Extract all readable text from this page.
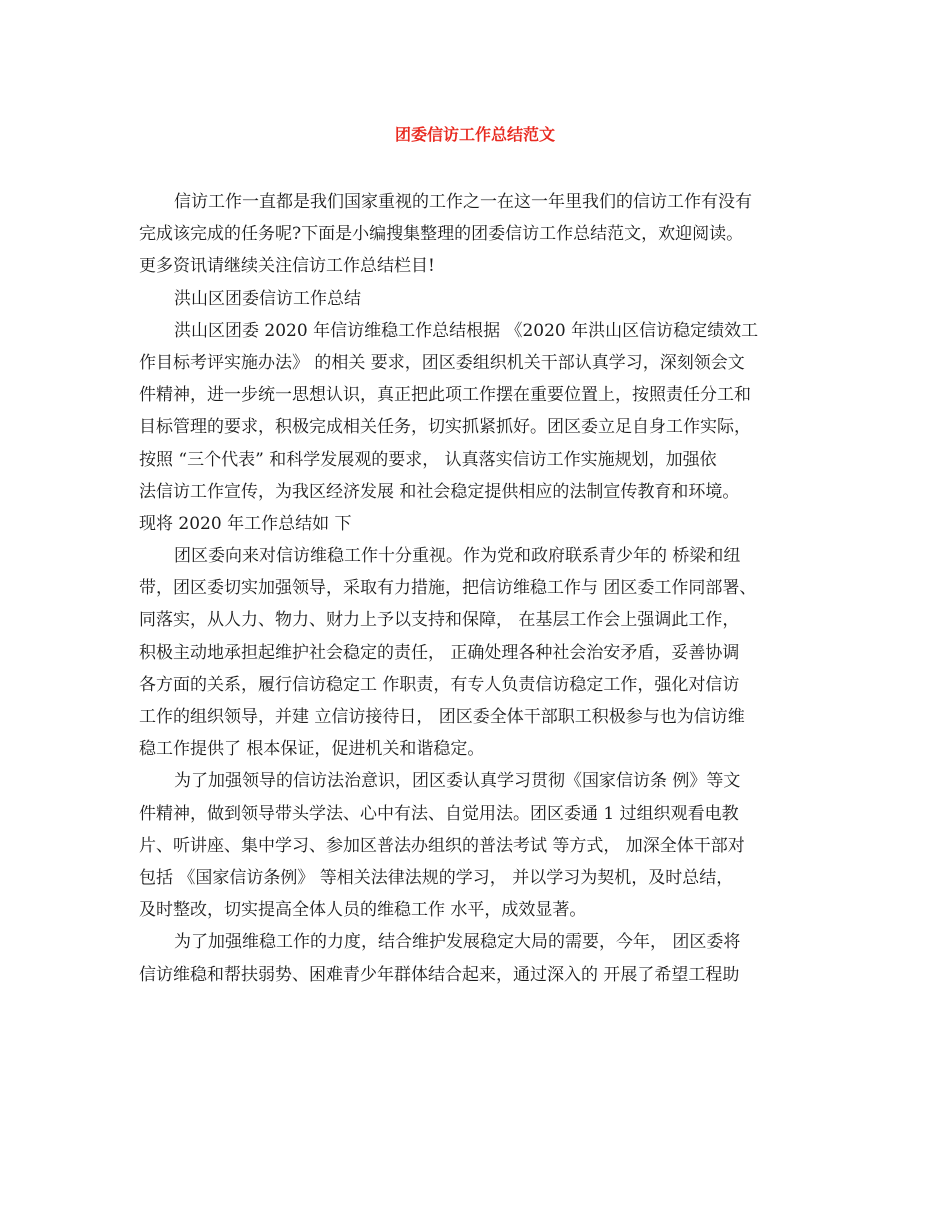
团委信访工作总结范文
信访工作一直都是我们国家重视的工作之一在这一年里我们的信访工作有没有
完成该完成的任务呢?下面是小编搜集整理的团委信访工作总结范文，欢迎阅读。
更多资讯请继续关注信访工作总结栏目!
洪山区团委信访工作总结
洪山区团委 2020 年信访维稳工作总结根据 《2020 年洪山区信访稳定绩效工
作目标考评实施办法》 的相关 要求，团区委组织机关干部认真学习，深刻领会文
件精神，进一步统一思想认识，真正把此项工作摆在重要位置上，按照责任分工和
目标管理的要求，积极完成相关任务，切实抓紧抓好。团区委立足自身工作实际，
按照 “三个代表” 和科学发展观的要求， 认真落实信访工作实施规划，加强依
法信访工作宣传，为我区经济发展 和社会稳定提供相应的法制宣传教育和环境。
现将 2020 年工作总结如 下
团区委向来对信访维稳工作十分重视。作为党和政府联系青少年的 桥梁和纽
带，团区委切实加强领导，采取有力措施，把信访维稳工作与 团区委工作同部署、
同落实，从人力、物力、财力上予以支持和保障， 在基层工作会上强调此工作，
积极主动地承担起维护社会稳定的责任， 正确处理各种社会治安矛盾，妥善协调
各方面的关系，履行信访稳定工 作职责，有专人负责信访稳定工作，强化对信访
工作的组织领导，并建 立信访接待日， 团区委全体干部职工积极参与也为信访维
稳工作提供了 根本保证，促进机关和谐稳定。
为了加强领导的信访法治意识，团区委认真学习贯彻《国家信访条 例》等文
件精神，做到领导带头学法、心中有法、自觉用法。团区委通 1 过组织观看电教
片、听讲座、集中学习、参加区普法办组织的普法考试 等方式， 加深全体干部对
包括 《国家信访条例》 等相关法律法规的学习， 并以学习为契机，及时总结，
及时整改，切实提高全体人员的维稳工作 水平，成效显著。
为了加强维稳工作的力度，结合维护发展稳定大局的需要，今年， 团区委将
信访维稳和帮扶弱势、困难青少年群体结合起来，通过深入的 开展了希望工程助
